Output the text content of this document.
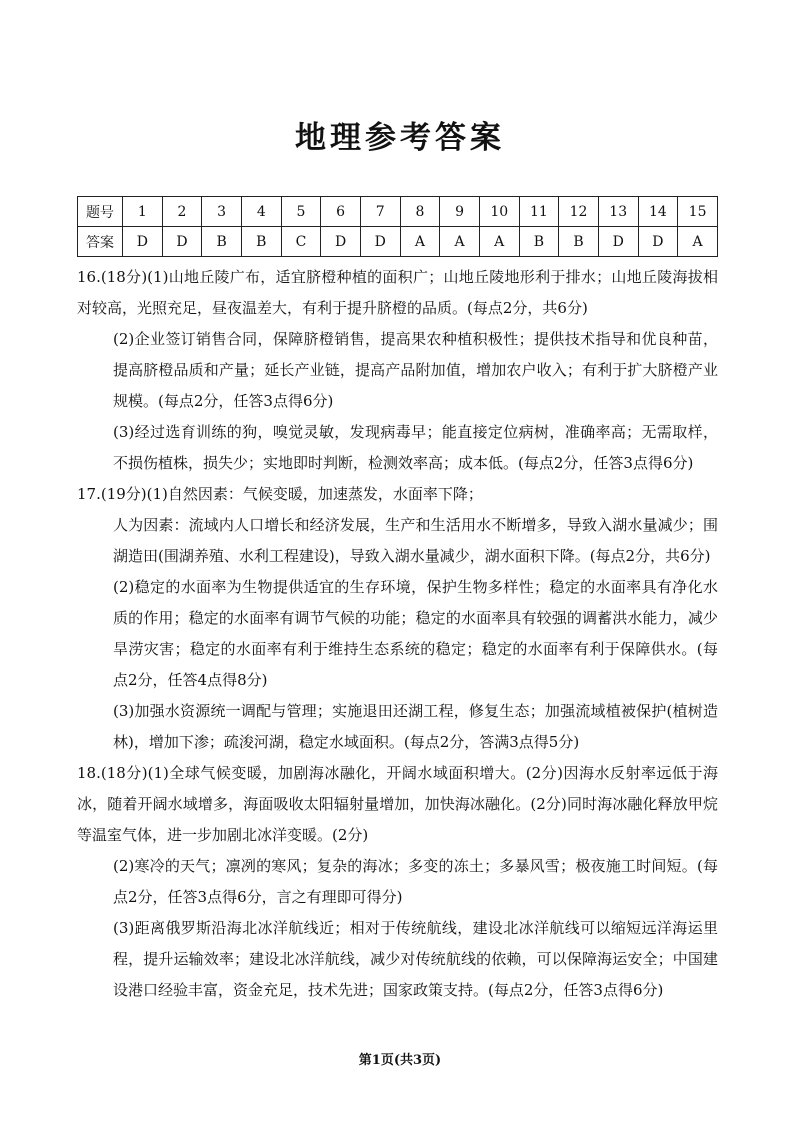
地理参考答案
题号	1	2	3	4	5	6	7	8	9	10	11	12	13	14	15
答案	D	D	B	B	C	D	D	A	A	A	B	B	D	D	A

16.(18分)(1)山地丘陵广布，适宜脐橙种植的面积广；山地丘陵地形利于排水；山地丘陵海拔相对较高，光照充足，昼夜温差大，有利于提升脐橙的品质。(每点2分，共6分)

(2)企业签订销售合同，保障脐橙销售，提高果农种植积极性；提供技术指导和优良种苗，提高脐橙品质和产量；延长产业链，提高产品附加值，增加农户收入；有利于扩大脐橙产业规模。(每点2分，任答3点得6分)

(3)经过选育训练的狗，嗅觉灵敏，发现病毒早；能直接定位病树，准确率高；无需取样，不损伤植株，损失少；实地即时判断，检测效率高；成本低。(每点2分，任答3点得6分)

17.(19分)(1)自然因素：气候变暖，加速蒸发，水面率下降；

人为因素：流域内人口增长和经济发展，生产和生活用水不断增多，导致入湖水量减少；围湖造田(围湖养殖、水利工程建设)，导致入湖水量减少，湖水面积下降。(每点2分，共6分)

(2)稳定的水面率为生物提供适宜的生存环境，保护生物多样性；稳定的水面率具有净化水质的作用；稳定的水面率有调节气候的功能；稳定的水面率具有较强的调蓄洪水能力，减少旱涝灾害；稳定的水面率有利于维持生态系统的稳定；稳定的水面率有利于保障供水。(每点2分，任答4点得8分)

(3)加强水资源统一调配与管理；实施退田还湖工程，修复生态；加强流域植被保护(植树造林)，增加下渗；疏浚河湖，稳定水域面积。(每点2分，答满3点得5分)

18.(18分)(1)全球气候变暖，加剧海冰融化，开阔水域面积增大。(2分)因海水反射率远低于海冰，随着开阔水域增多，海面吸收太阳辐射量增加，加快海冰融化。(2分)同时海冰融化释放甲烷等温室气体，进一步加剧北冰洋变暖。(2分)

(2)寒冷的天气；凛冽的寒风；复杂的海冰；多变的冻土；多暴风雪；极夜施工时间短。(每点2分，任答3点得6分，言之有理即可得分)

(3)距离俄罗斯沿海北冰洋航线近；相对于传统航线，建设北冰洋航线可以缩短远洋海运里程，提升运输效率；建设北冰洋航线，减少对传统航线的依赖，可以保障海运安全；中国建设港口经验丰富，资金充足，技术先进；国家政策支持。(每点2分，任答3点得6分)

第1页(共3页)
